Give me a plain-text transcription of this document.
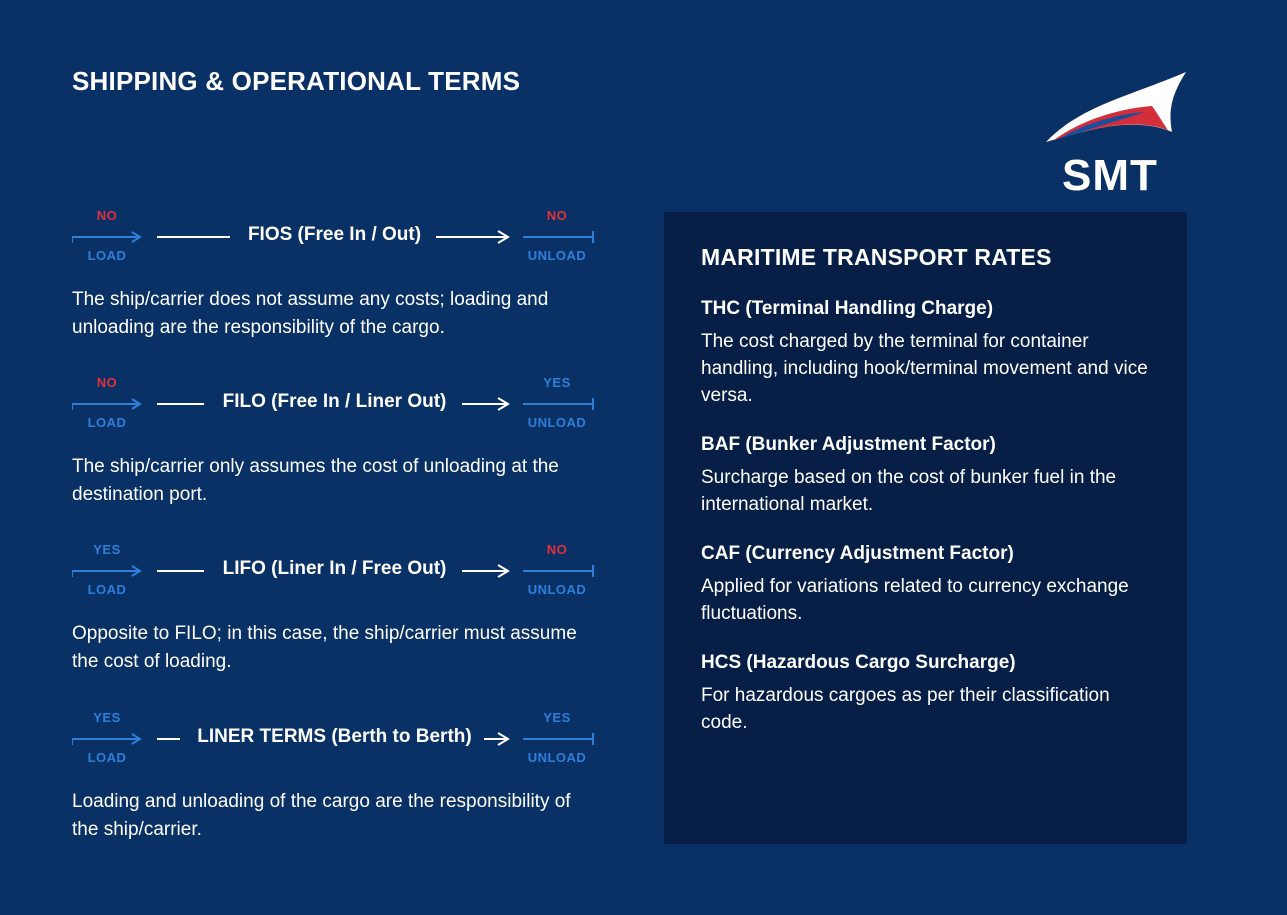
SHIPPING & OPERATIONAL TERMS
SMT
NO	NO
FIOS (Free In / Out)
LOAD	UNLOAD

The ship/carrier does not assume any costs; loading and unloading are the responsibility of the cargo.

NO	YES
FILO (Free In / Liner Out)
LOAD	UNLOAD

The ship/carrier only assumes the cost of unloading at the destination port.

YES	NO
LIFO (Liner In / Free Out)
LOAD	UNLOAD

Opposite to FILO; in this case, the ship/carrier must assume the cost of loading.

YES	YES
LINER TERMS (Berth to Berth)
LOAD	UNLOAD

Loading and unloading of the cargo are the responsibility of the ship/carrier.

MARITIME TRANSPORT RATES

THC (Terminal Handling Charge)

The cost charged by the terminal for container handling, including hook/terminal movement and vice versa.

BAF (Bunker Adjustment Factor)

Surcharge based on the cost of bunker fuel in the international market.

CAF (Currency Adjustment Factor)

Applied for variations related to currency exchange fluctuations.

HCS (Hazardous Cargo Surcharge)

For hazardous cargoes as per their classification code.
